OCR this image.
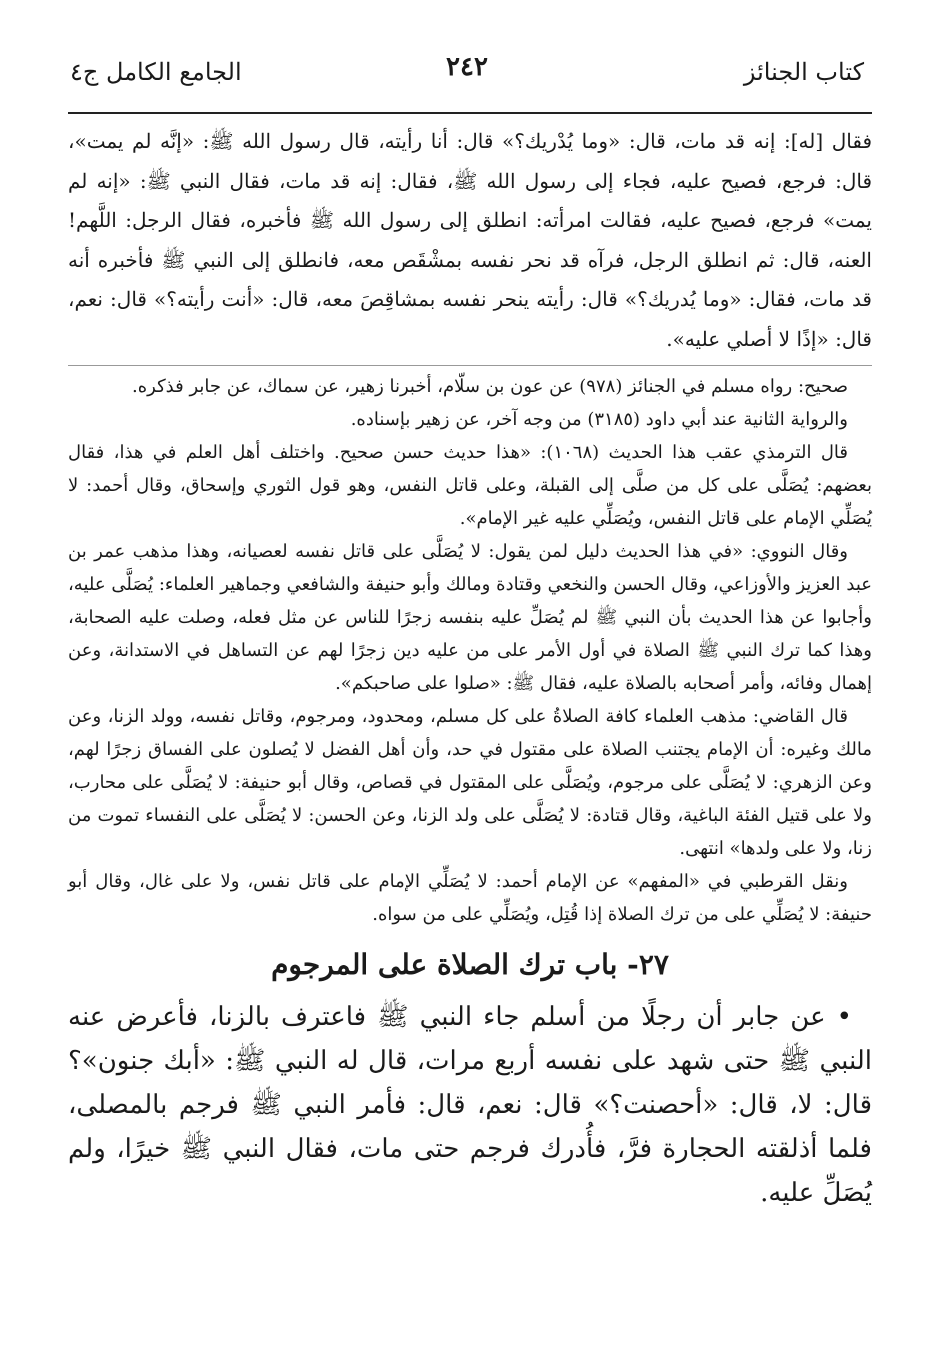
كتاب الجنائز
٢٤٢
الجامع الكامل ج٤

فقال [له]: إنه قد مات، قال: «وما يُدْريك؟» قال: أنا رأيته، قال رسول الله ﷺ: «إنَّه لم يمت»، قال: فرجع، فصيح عليه، فجاء إلى رسول الله ﷺ، فقال: إنه قد مات، فقال النبي ﷺ: «إنه لم يمت» فرجع، فصيح عليه، فقالت امرأته: انطلق إلى رسول الله ﷺ فأخبره، فقال الرجل: اللَّهم! العنه، قال: ثم انطلق الرجل، فرآه قد نحر نفسه بمشْقَص معه، فانطلق إلى النبي ﷺ فأخبره أنه قد مات، فقال: «وما يُدريك؟» قال: رأيته ينحر نفسه بمشاقِصَ معه، قال: «أنت رأيته؟» قال: نعم، قال: «إذًا لا أصلي عليه».

صحيح: رواه مسلم في الجنائز (٩٧٨) عن عون بن سلّام، أخبرنا زهير، عن سماك، عن جابر فذكره.

والرواية الثانية عند أبي داود (٣١٨٥) من وجه آخر، عن زهير بإسناده.

قال الترمذي عقب هذا الحديث (١٠٦٨): «هذا حديث حسن صحيح. واختلف أهل العلم في هذا، فقال بعضهم: يُصَلَّى على كل من صلَّى إلى القبلة، وعلى قاتل النفس، وهو قول الثوري وإسحاق، وقال أحمد: لا يُصَلِّي الإمام على قاتل النفس، ويُصَلِّي عليه غير الإمام».

وقال النووي: «في هذا الحديث دليل لمن يقول: لا يُصَلَّى على قاتل نفسه لعصيانه، وهذا مذهب عمر بن عبد العزيز والأوزاعي، وقال الحسن والنخعي وقتادة ومالك وأبو حنيفة والشافعي وجماهير العلماء: يُصَلَّى عليه، وأجابوا عن هذا الحديث بأن النبي ﷺ لم يُصَلِّ عليه بنفسه زجرًا للناس عن مثل فعله، وصلت عليه الصحابة، وهذا كما ترك النبي ﷺ الصلاة في أول الأمر على من عليه دين زجرًا لهم عن التساهل في الاستدانة، وعن إهمال وفائه، وأمر أصحابه بالصلاة عليه، فقال ﷺ: «صلوا على صاحبكم».

قال القاضي: مذهب العلماء كافة الصلاةُ على كل مسلم، ومحدود، ومرجوم، وقاتل نفسه، وولد الزنا، وعن مالك وغيره: أن الإمام يجتنب الصلاة على مقتول في حد، وأن أهل الفضل لا يُصلون على الفساق زجرًا لهم، وعن الزهري: لا يُصَلَّى على مرجوم، ويُصَلَّى على المقتول في قصاص، وقال أبو حنيفة: لا يُصَلَّى على محارب، ولا على قتيل الفئة الباغية، وقال قتادة: لا يُصَلَّى على ولد الزنا، وعن الحسن: لا يُصَلَّى على النفساء تموت من زنا، ولا على ولدها» انتهى.

ونقل القرطبي في «المفهم» عن الإمام أحمد: لا يُصَلِّي الإمام على قاتل نفس، ولا على غال، وقال أبو حنيفة: لا يُصَلِّي على من ترك الصلاة إذا قُتِل، ويُصَلِّي على من سواه.

٢٧- باب ترك الصلاة على المرجوم

• عن جابر أن رجلًا من أسلم جاء النبي ﷺ فاعترف بالزنا، فأعرض عنه النبي ﷺ حتى شهد على نفسه أربع مرات، قال له النبي ﷺ: «أبك جنون»؟ قال: لا، قال: «أحصنت؟» قال: نعم، قال: فأمر النبي ﷺ فرجم بالمصلى، فلما أذلقته الحجارة فرَّ، فأُدرك فرجم حتى مات، فقال النبي ﷺ خيرًا، ولم يُصَلِّ عليه.
